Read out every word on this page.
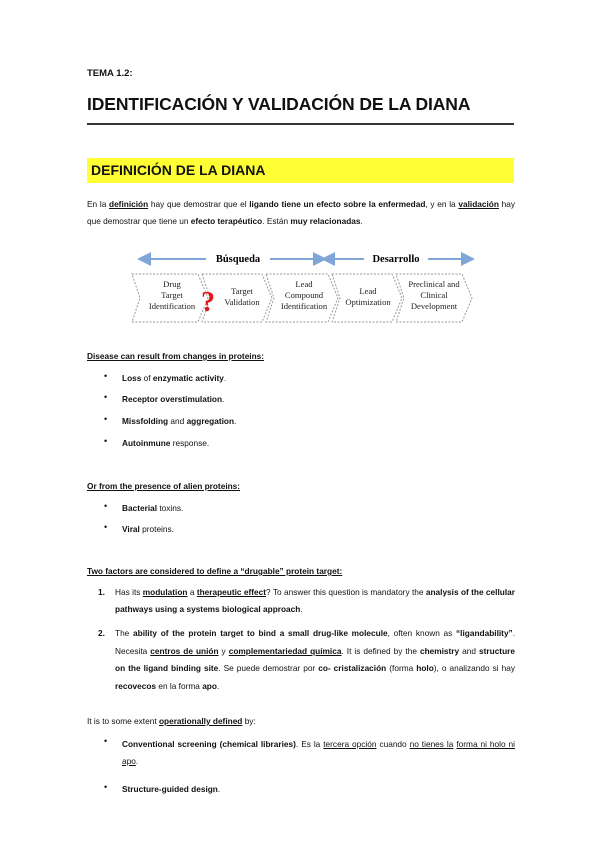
TEMA 1.2:
IDENTIFICACIÓN Y VALIDACIÓN DE LA DIANA
DEFINICIÓN DE LA DIANA
En la definición hay que demostrar que el ligando tiene un efecto sobre la enfermedad, y en la validación hay que demostrar que tiene un efecto terapéutico. Están muy relacionadas.
Búsqueda	Desarrollo
Drug
Target
Identification
Target
Validation
Lead
Compound
Identification
Lead
Optimization
Preclinical and
Clinical
Development
?
Disease can result from changes in proteins:
• Loss of enzymatic activity.
• Receptor overstimulation.
• Missfolding and aggregation.
• Autoinmune response.
Or from the presence of alien proteins:
• Bacterial toxins.
• Viral proteins.
Two factors are considered to define a “drugable” protein target:
1. Has its modulation a therapeutic effect? To answer this question is mandatory the analysis of the cellular pathways using a systems biological approach.
2. The ability of the protein target to bind a small drug-like molecule, often known as “ligandability”. Necesita centros de unión y complementariedad química. It is defined by the chemistry and structure on the ligand binding site. Se puede demostrar por co- cristalización (forma holo), o analizando si hay recovecos en la forma apo.
It is to some extent operationally defined by:
• Conventional screening (chemical libraries). Es la tercera opción cuando no tienes la forma ni holo ni apo.
• Structure-guided design.
